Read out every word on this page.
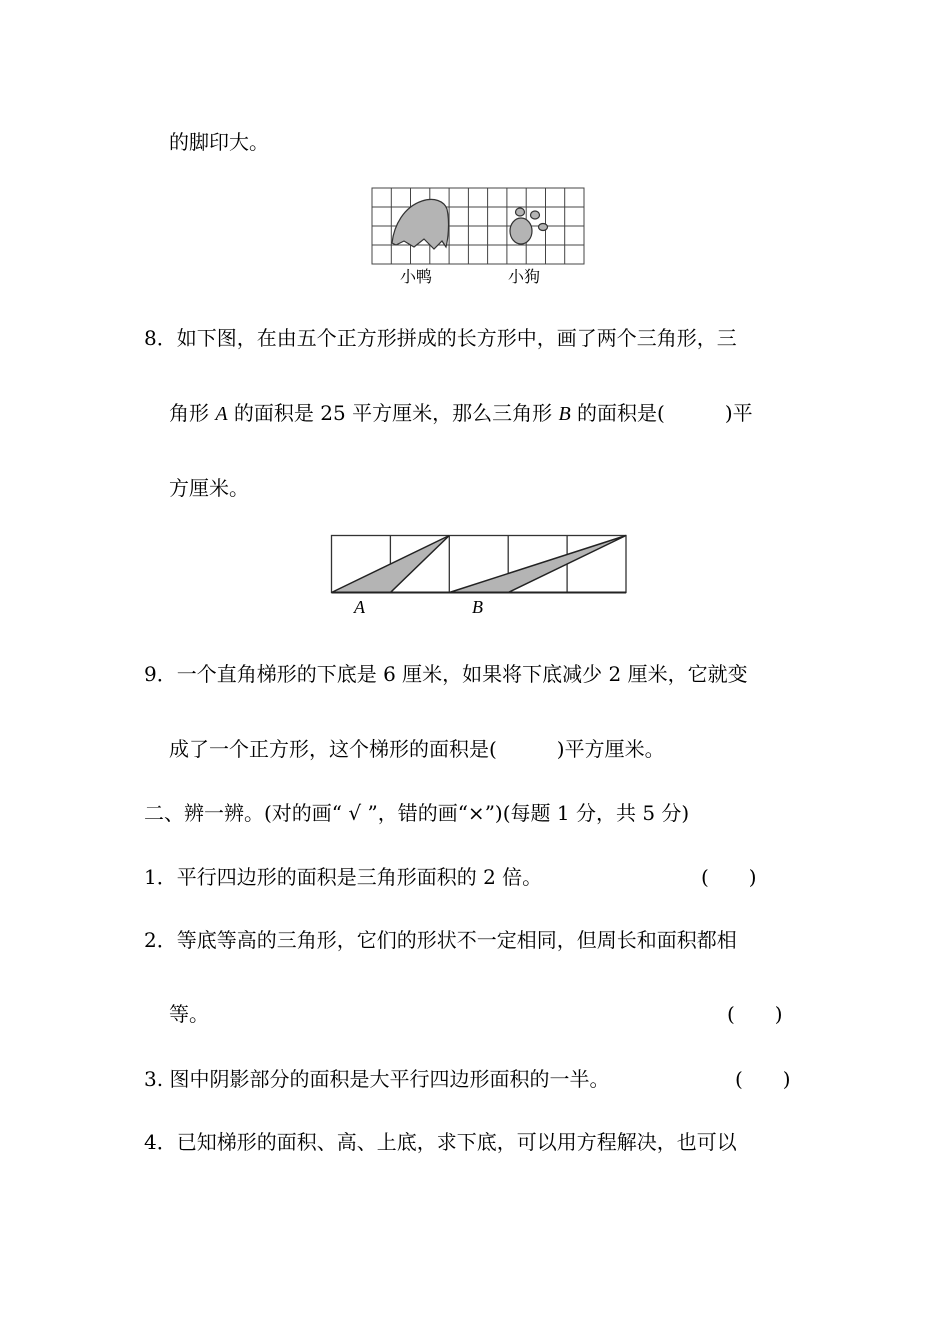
的脚印大。
小鸭	小狗
8．如下图，在由五个正方形拼成的长方形中，画了两个三角形，三
角形 A 的面积是 25 平方厘米，那么三角形 B 的面积是(　　　)平
方厘米。
A	B
9．一个直角梯形的下底是 6 厘米，如果将下底减少 2 厘米，它就变
成了一个正方形，这个梯形的面积是(　　　)平方厘米。
二、辨一辨。(对的画“ √ ”，错的画“×”)(每题 1 分，共 5 分)
1．平行四边形的面积是三角形面积的 2 倍。	(　　)
2．等底等高的三角形，它们的形状不一定相同，但周长和面积都相
等。	(　　)
3. 图中阴影部分的面积是大平行四边形面积的一半。	(　　)
4．已知梯形的面积、高、上底，求下底，可以用方程解决，也可以
